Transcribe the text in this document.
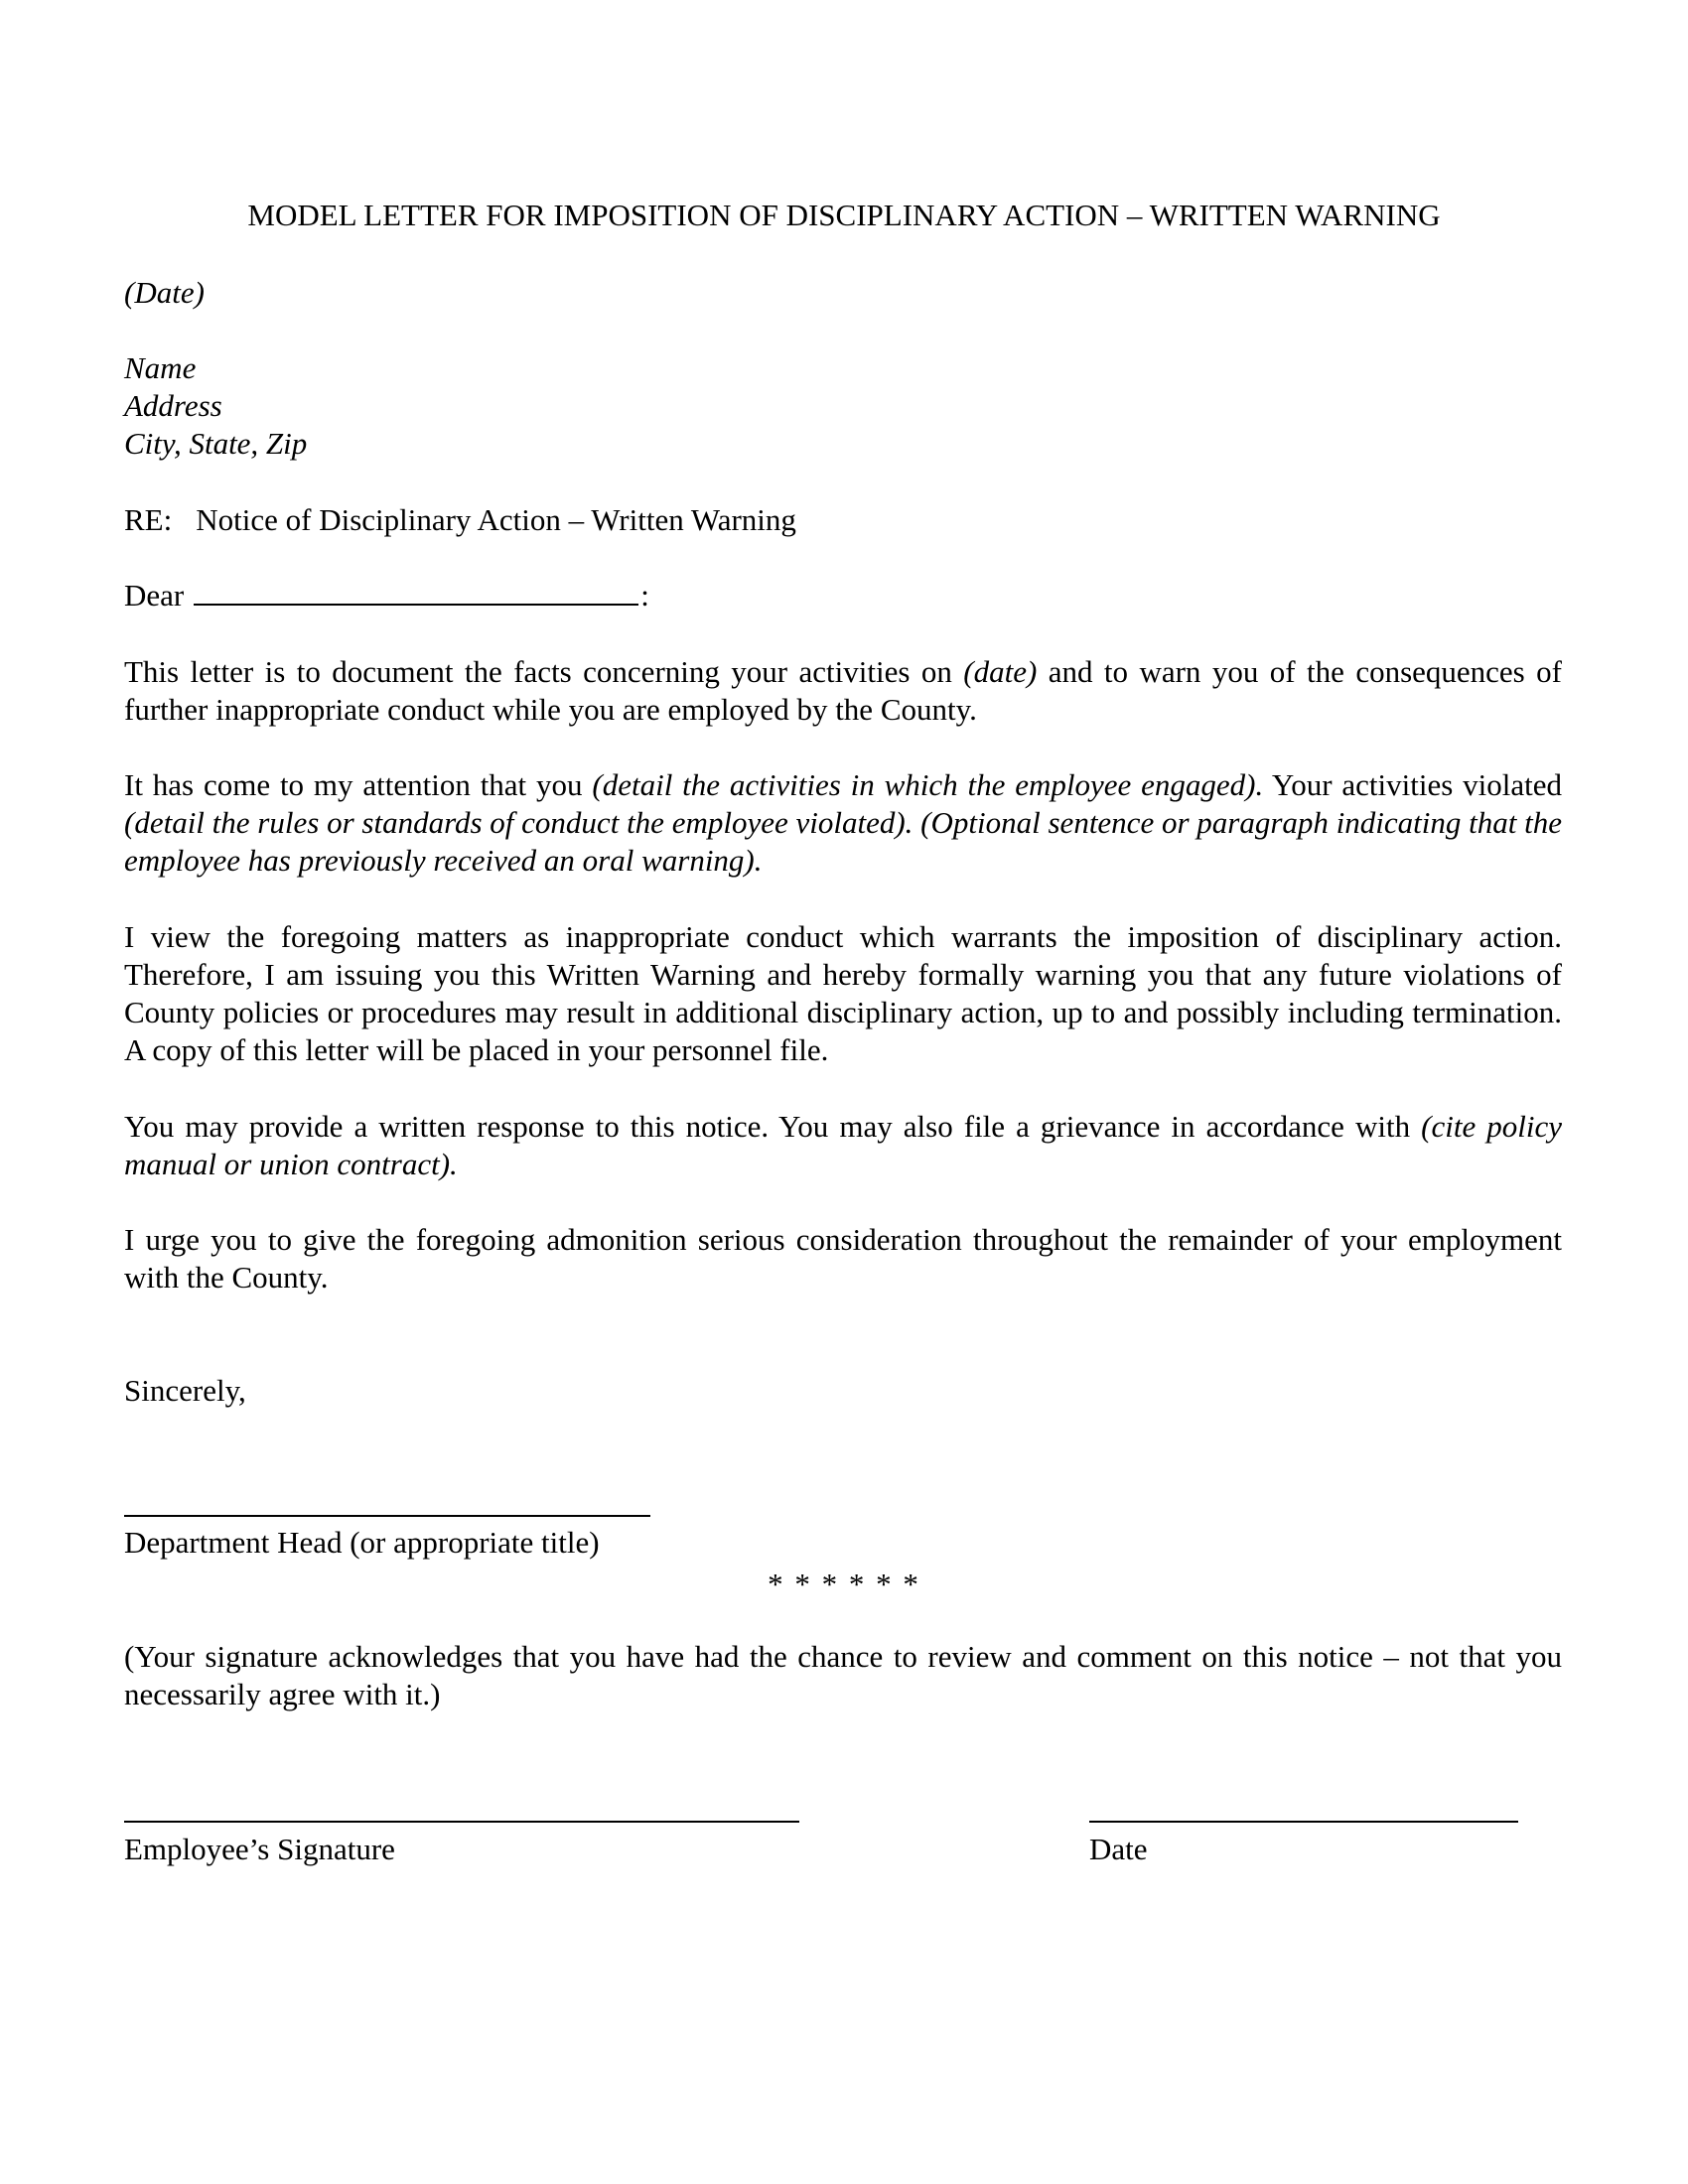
MODEL LETTER FOR IMPOSITION OF DISCIPLINARY ACTION – WRITTEN WARNING
(Date)
Name
Address
City, State, Zip
RE: Notice of Disciplinary Action – Written Warning
Dear	:
This letter is to document the facts concerning your activities on (date) and to warn you of the consequences of further inappropriate conduct while you are employed by the County.
It has come to my attention that you (detail the activities in which the employee engaged). Your activities violated (detail the rules or standards of conduct the employee violated). (Optional sentence or paragraph indicating that the employee has previously received an oral warning).
I view the foregoing matters as inappropriate conduct which warrants the imposition of disciplinary action. Therefore, I am issuing you this Written Warning and hereby formally warning you that any future violations of County policies or procedures may result in additional disciplinary action, up to and possibly including termination. A copy of this letter will be placed in your personnel file.
You may provide a written response to this notice. You may also file a grievance in accordance with (cite policy manual or union contract).
I urge you to give the foregoing admonition serious consideration throughout the remainder of your employment with the County.
Sincerely,
Department Head (or appropriate title)
* * * * * *
(Your signature acknowledges that you have had the chance to review and comment on this notice – not that you necessarily agree with it.)
Employee’s Signature	Date
